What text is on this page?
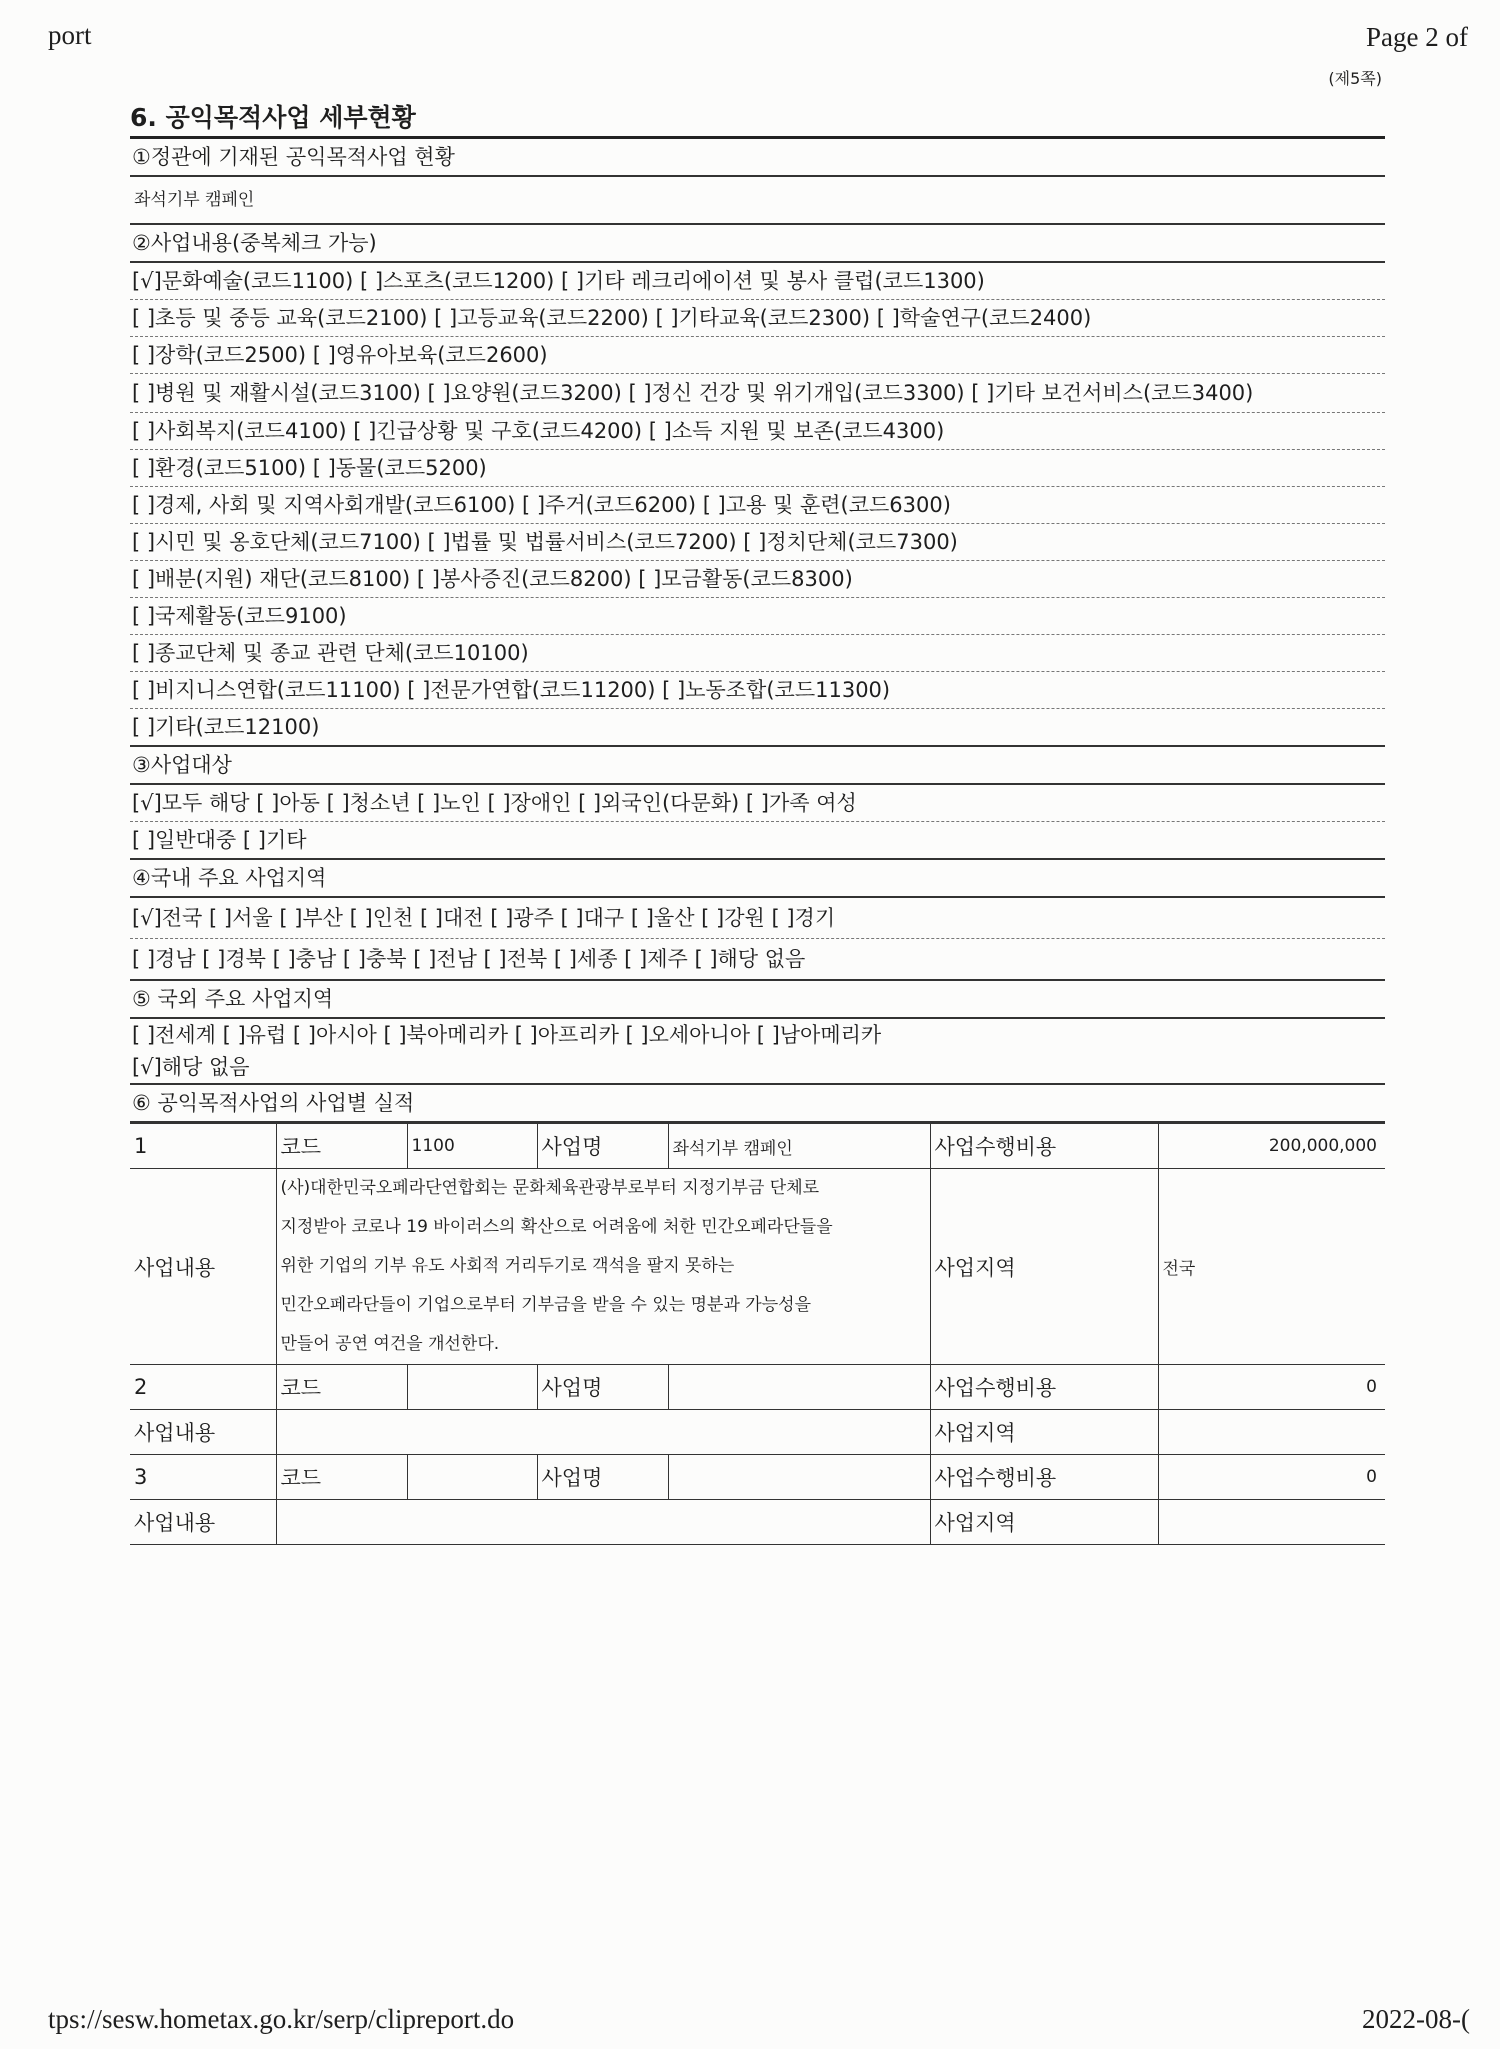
port	Page 2 of
(제5쪽)
6. 공익목적사업 세부현황
①정관에 기재된 공익목적사업 현황
좌석기부 캠페인
②사업내용(중복체크 가능)
[√]문화예술(코드1100) [ ]스포츠(코드1200) [ ]기타 레크리에이션 및 봉사 클럽(코드1300)
[ ]초등 및 중등 교육(코드2100) [ ]고등교육(코드2200) [ ]기타교육(코드2300) [ ]학술연구(코드2400)
[ ]장학(코드2500) [ ]영유아보육(코드2600)
[ ]병원 및 재활시설(코드3100) [ ]요양원(코드3200) [ ]정신 건강 및 위기개입(코드3300) [ ]기타 보건서비스(코드3400)
[ ]사회복지(코드4100) [ ]긴급상황 및 구호(코드4200) [ ]소득 지원 및 보존(코드4300)
[ ]환경(코드5100) [ ]동물(코드5200)
[ ]경제, 사회 및 지역사회개발(코드6100) [ ]주거(코드6200) [ ]고용 및 훈련(코드6300)
[ ]시민 및 옹호단체(코드7100) [ ]법률 및 법률서비스(코드7200) [ ]정치단체(코드7300)
[ ]배분(지원) 재단(코드8100) [ ]봉사증진(코드8200) [ ]모금활동(코드8300)
[ ]국제활동(코드9100)
[ ]종교단체 및 종교 관련 단체(코드10100)
[ ]비지니스연합(코드11100) [ ]전문가연합(코드11200) [ ]노동조합(코드11300)
[ ]기타(코드12100)
③사업대상
[√]모두 해당 [ ]아동 [ ]청소년 [ ]노인 [ ]장애인 [ ]외국인(다문화) [ ]가족 여성
[ ]일반대중 [ ]기타
④국내 주요 사업지역
[√]전국 [ ]서울 [ ]부산 [ ]인천 [ ]대전 [ ]광주 [ ]대구 [ ]울산 [ ]강원 [ ]경기
[ ]경남 [ ]경북 [ ]충남 [ ]충북 [ ]전남 [ ]전북 [ ]세종 [ ]제주 [ ]해당 없음
⑤ 국외 주요 사업지역
[ ]전세계 [ ]유럽 [ ]아시아 [ ]북아메리카 [ ]아프리카 [ ]오세아니아 [ ]남아메리카
[√]해당 없음
⑥ 공익목적사업의 사업별 실적
1	코드	1100	사업명	좌석기부 캠페인	사업수행비용	200,000,000
사업내용	(사)대한민국오페라단연합회는 문화체육관광부로부터 지정기부금 단체로
지정받아 코로나 19 바이러스의 확산으로 어려움에 처한 민간오페라단들을
위한 기업의 기부 유도 사회적 거리두기로 객석을 팔지 못하는
민간오페라단들이 기업으로부터 기부금을 받을 수 있는 명분과 가능성을
만들어 공연 여건을 개선한다.				사업지역	전국
2	코드		사업명		사업수행비용	0
사업내용					사업지역	
3	코드		사업명		사업수행비용	0
사업내용					사업지역	
tps://sesw.hometax.go.kr/serp/clipreport.do	2022-08-(
